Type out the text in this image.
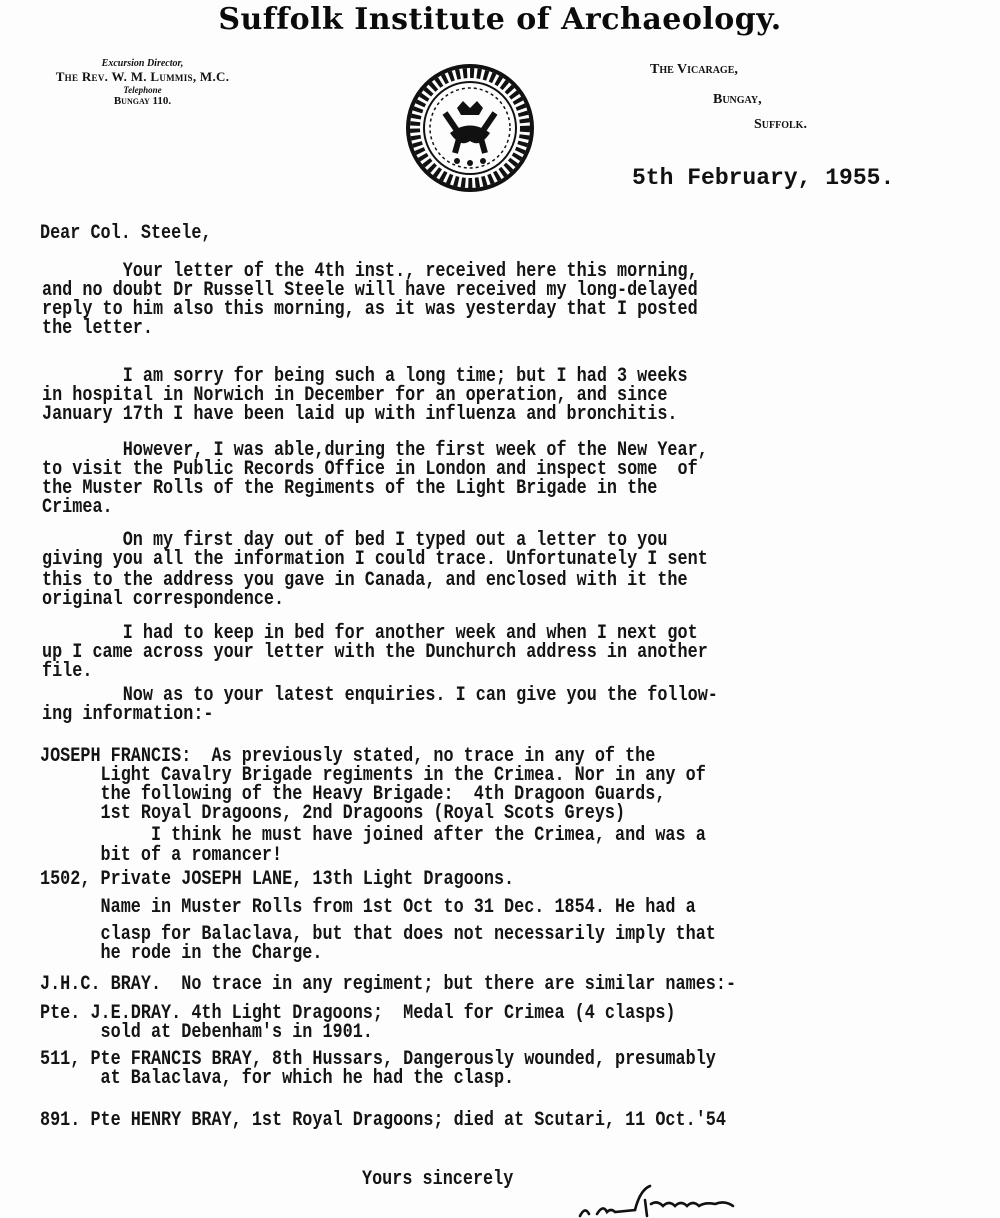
Suffolk Institute of Archaeology.
Excursion Director,
The Rev. W. M. Lummis, M.C.
Telephone
Bungay 110.
The Vicarage,
Bungay,
Suffolk.
5th February, 1955.
Dear Col. Steele,
Your letter of the 4th inst., received here this morning,
and no doubt Dr Russell Steele will have received my long-delayed
reply to him also this morning, as it was yesterday that I posted
the letter.
I am sorry for being such a long time; but I had 3 weeks
in hospital in Norwich in December for an operation, and since
January 17th I have been laid up with influenza and bronchitis.
However, I was able,during the first week of the New Year,
to visit the Public Records Office in London and inspect some  of
the Muster Rolls of the Regiments of the Light Brigade in the
Crimea.
On my first day out of bed I typed out a letter to you
giving you all the information I could trace. Unfortunately I sent
this to the address you gave in Canada, and enclosed with it the
original correspondence.
I had to keep in bed for another week and when I next got
up I came across your letter with the Dunchurch address in another
file.
Now as to your latest enquiries. I can give you the follow-
ing information:-
JOSEPH FRANCIS:  As previously stated, no trace in any of the
Light Cavalry Brigade regiments in the Crimea. Nor in any of
the following of the Heavy Brigade:  4th Dragoon Guards,
1st Royal Dragoons, 2nd Dragoons (Royal Scots Greys)
I think he must have joined after the Crimea, and was a
bit of a romancer!
1502, Private JOSEPH LANE, 13th Light Dragoons.
Name in Muster Rolls from 1st Oct to 31 Dec. 1854. He had a
clasp for Balaclava, but that does not necessarily imply that
he rode in the Charge.
J.H.C. BRAY.  No trace in any regiment; but there are similar names:-
Pte. J.E.DRAY. 4th Light Dragoons;  Medal for Crimea (4 clasps)
sold at Debenham's in 1901.
511, Pte FRANCIS BRAY, 8th Hussars, Dangerously wounded, presumably
at Balaclava, for which he had the clasp.
891. Pte HENRY BRAY, 1st Royal Dragoons; died at Scutari, 11 Oct.'54
Yours sincerely
